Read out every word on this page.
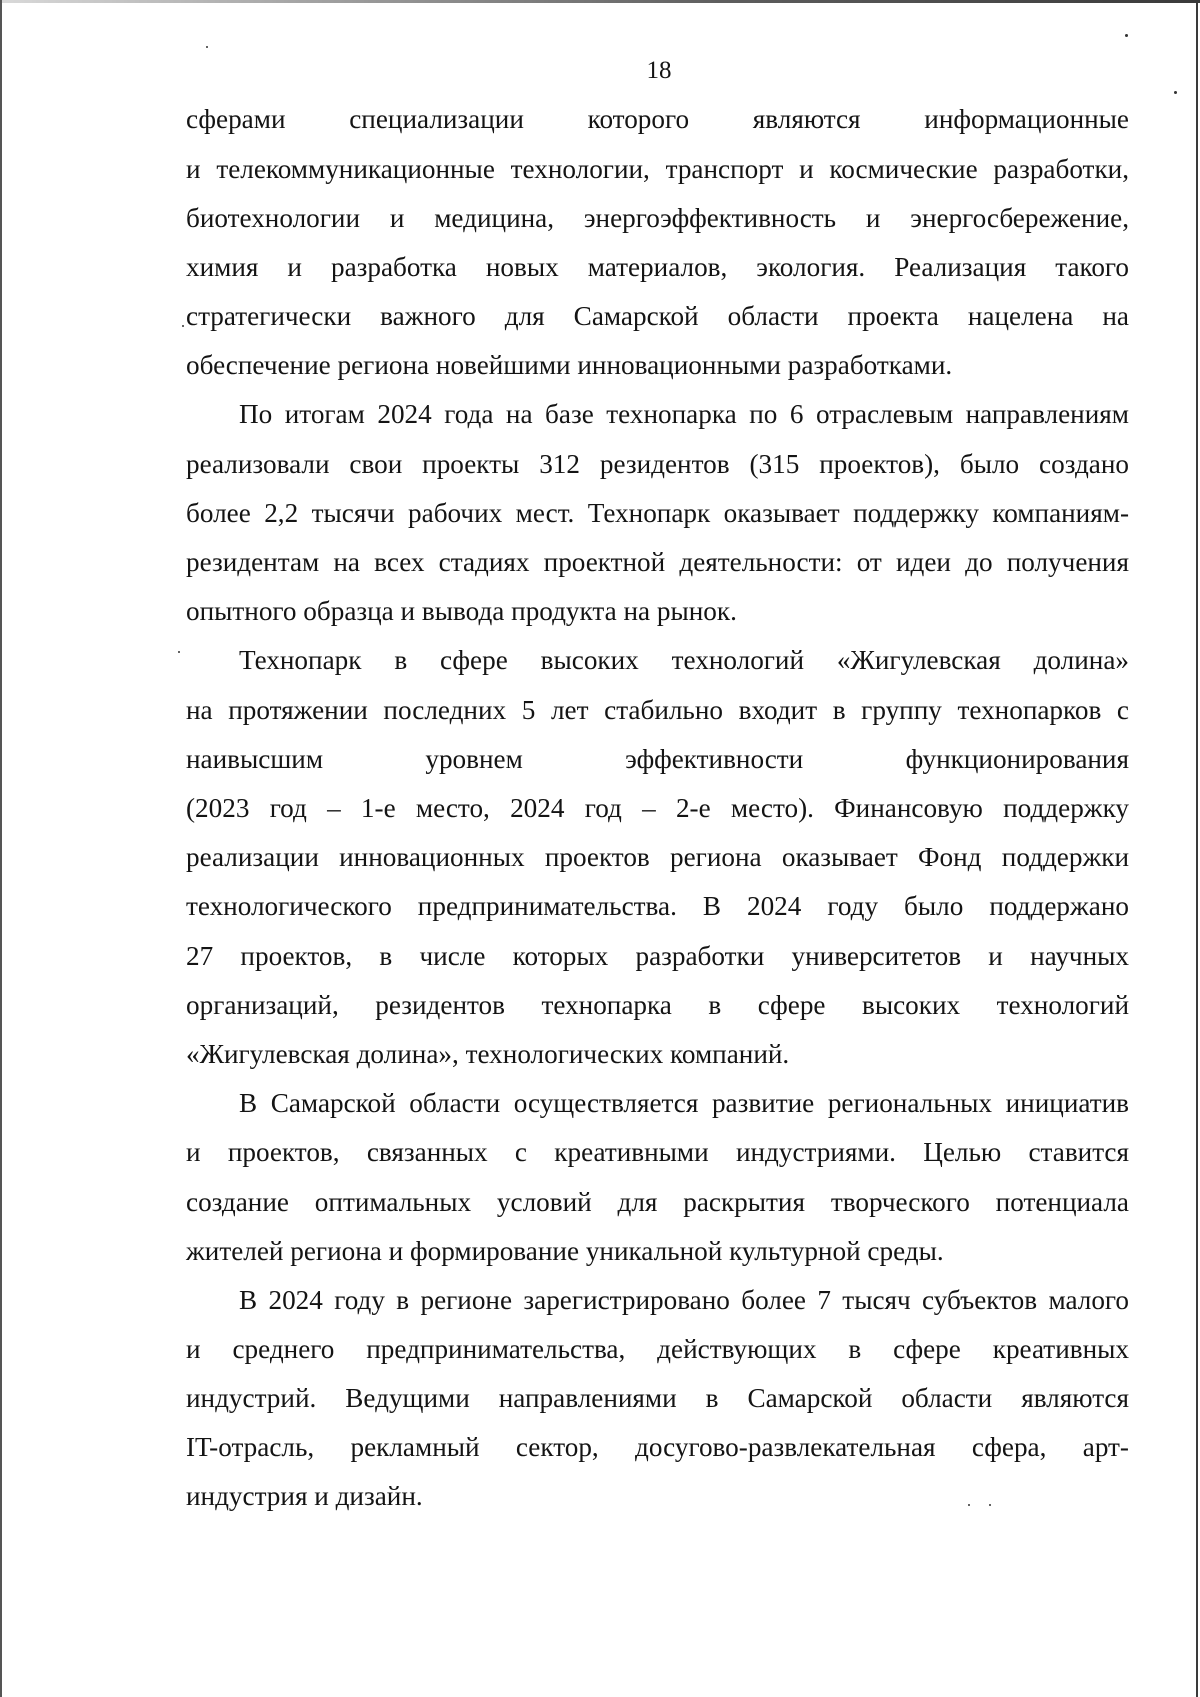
18
сферами специализации которого являются информационные
и телекоммуникационные технологии, транспорт и космические разработки,
биотехнологии и медицина, энергоэффективность и энергосбережение,
химия и разработка новых материалов, экология. Реализация такого
стратегически важного для Самарской области проекта нацелена на
обеспечение региона новейшими инновационными разработками.
По итогам 2024 года на базе технопарка по 6 отраслевым направлениям
реализовали свои проекты 312 резидентов (315 проектов), было создано
более 2,2 тысячи рабочих мест. Технопарк оказывает поддержку компаниям-
резидентам на всех стадиях проектной деятельности: от идеи до получения
опытного образца и вывода продукта на рынок.
Технопарк в сфере высоких технологий «Жигулевская долина»
на протяжении последних 5 лет стабильно входит в группу технопарков с
наивысшим уровнем эффективности функционирования
(2023 год – 1-е место, 2024 год – 2-е место). Финансовую поддержку
реализации инновационных проектов региона оказывает Фонд поддержки
технологического предпринимательства. В 2024 году было поддержано
27 проектов, в числе которых разработки университетов и научных
организаций, резидентов технопарка в сфере высоких технологий
«Жигулевская долина», технологических компаний.
В Самарской области осуществляется развитие региональных инициатив
и проектов, связанных с креативными индустриями. Целью ставится
создание оптимальных условий для раскрытия творческого потенциала
жителей региона и формирование уникальной культурной среды.
В 2024 году в регионе зарегистрировано более 7 тысяч субъектов малого
и среднего предпринимательства, действующих в сфере креативных
индустрий. Ведущими направлениями в Самарской области являются
IT-отрасль, рекламный сектор, досугово-развлекательная сфера, арт-
индустрия и дизайн.
